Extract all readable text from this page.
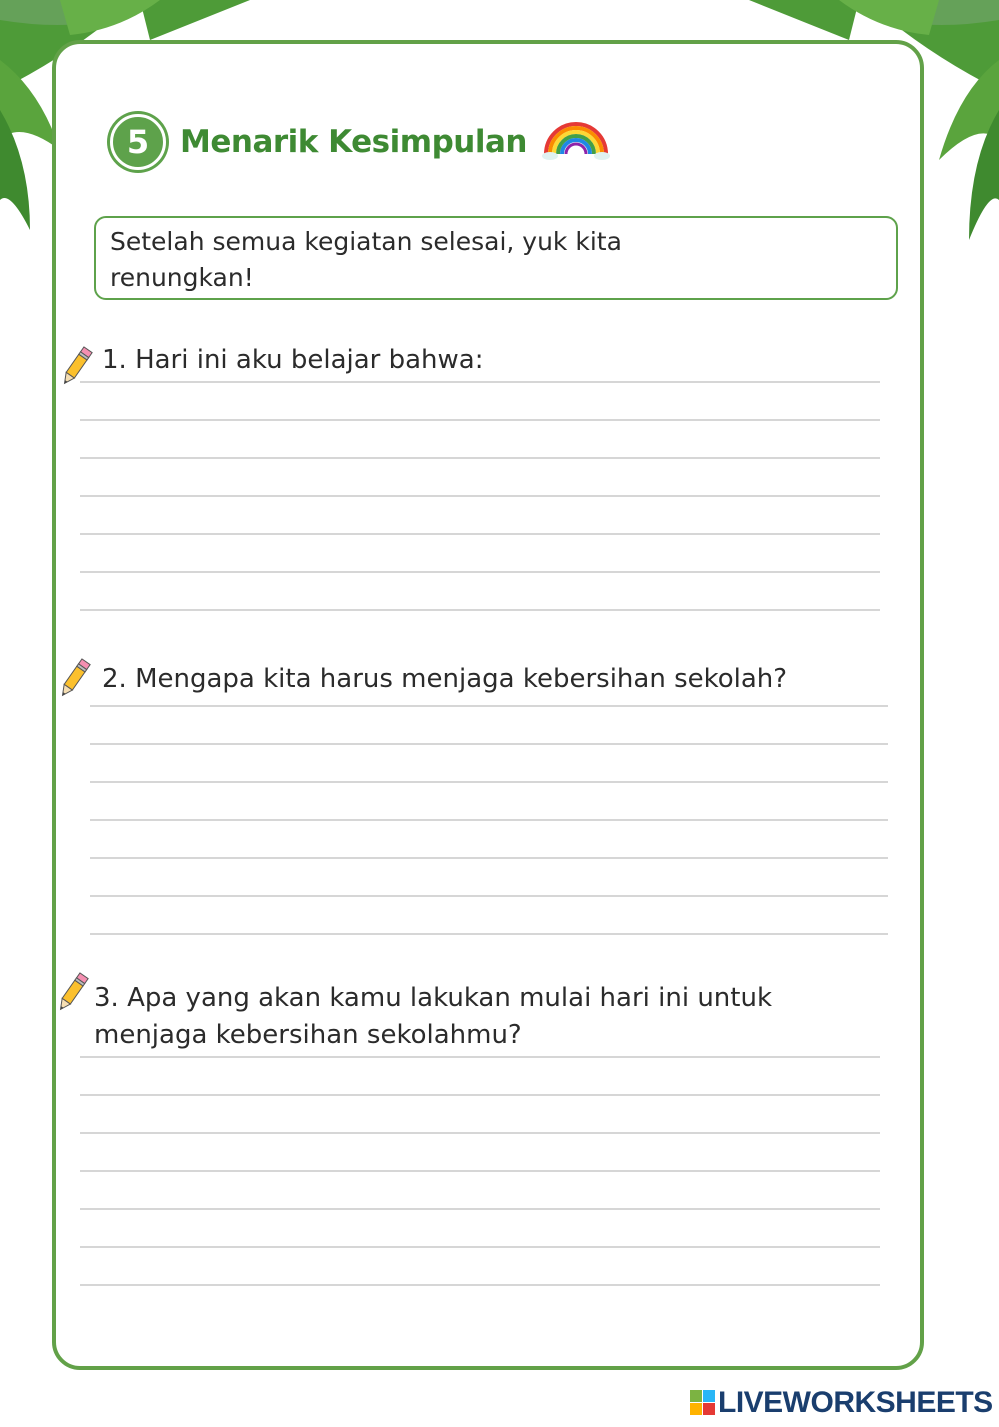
5 Menarik Kesimpulan
Setelah semua kegiatan selesai, yuk kita
renungkan!
1. Hari ini aku belajar bahwa:
2. Mengapa kita harus menjaga kebersihan sekolah?
3. Apa yang akan kamu lakukan mulai hari ini untuk
menjaga kebersihan sekolahmu?
LIVEWORKSHEETS
